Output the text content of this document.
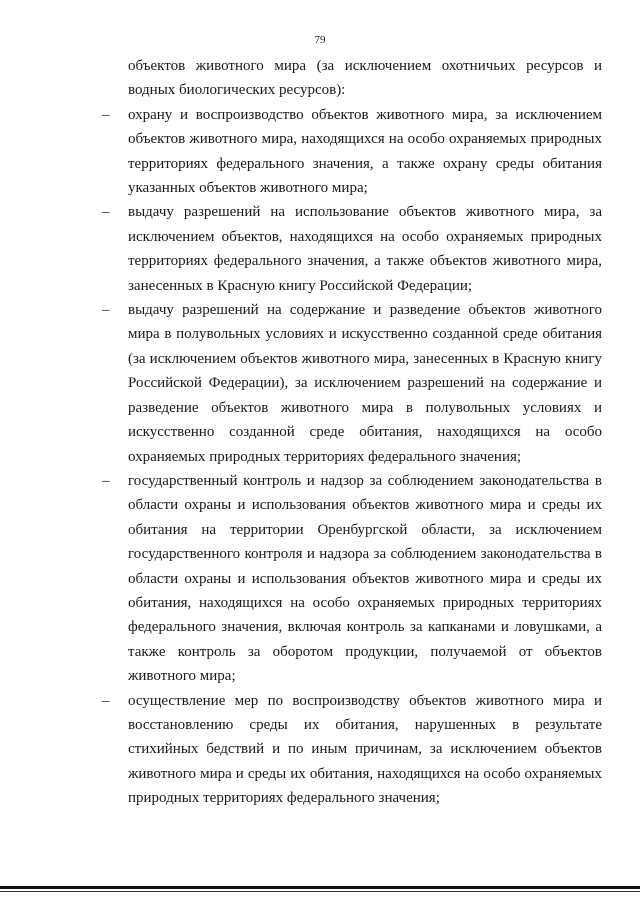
79

объектов животного мира (за исключением охотничьих ресурсов и водных биологических ресурсов):

–	охрану и воспроизводство объектов животного мира, за исключением объектов животного мира, находящихся на особо охраняемых природных территориях федерального значения, а также охрану среды обитания указанных объектов животного мира;
–	выдачу разрешений на использование объектов животного мира, за исключением объектов, находящихся на особо охраняемых природных территориях федерального значения, а также объектов животного мира, занесенных в Красную книгу Российской Федерации;
–	выдачу разрешений на содержание и разведение объектов животного мира в полувольных условиях и искусственно созданной среде обитания (за исключением объектов животного мира, занесенных в Красную книгу Российской Федерации), за исключением разрешений на содержание и разведение объектов животного мира в полувольных условиях и искусственно созданной среде обитания, находящихся на особо охраняемых природных территориях федерального значения;
–	государственный контроль и надзор за соблюдением законодательства в области охраны и использования объектов животного мира и среды их обитания на территории Оренбургской области, за исключением государственного контроля и надзора за соблюдением законодательства в области охраны и использования объектов животного мира и среды их обитания, находящихся на особо охраняемых природных территориях федерального значения, включая контроль за капканами и ловушками, а также контроль за оборотом продукции, получаемой от объектов животного мира;
–	осуществление мер по воспроизводству объектов животного мира и восстановлению среды их обитания, нарушенных в результате стихийных бедствий и по иным причинам, за исключением объектов животного мира и среды их обитания, находящихся на особо охраняемых природных территориях федерального значения;
